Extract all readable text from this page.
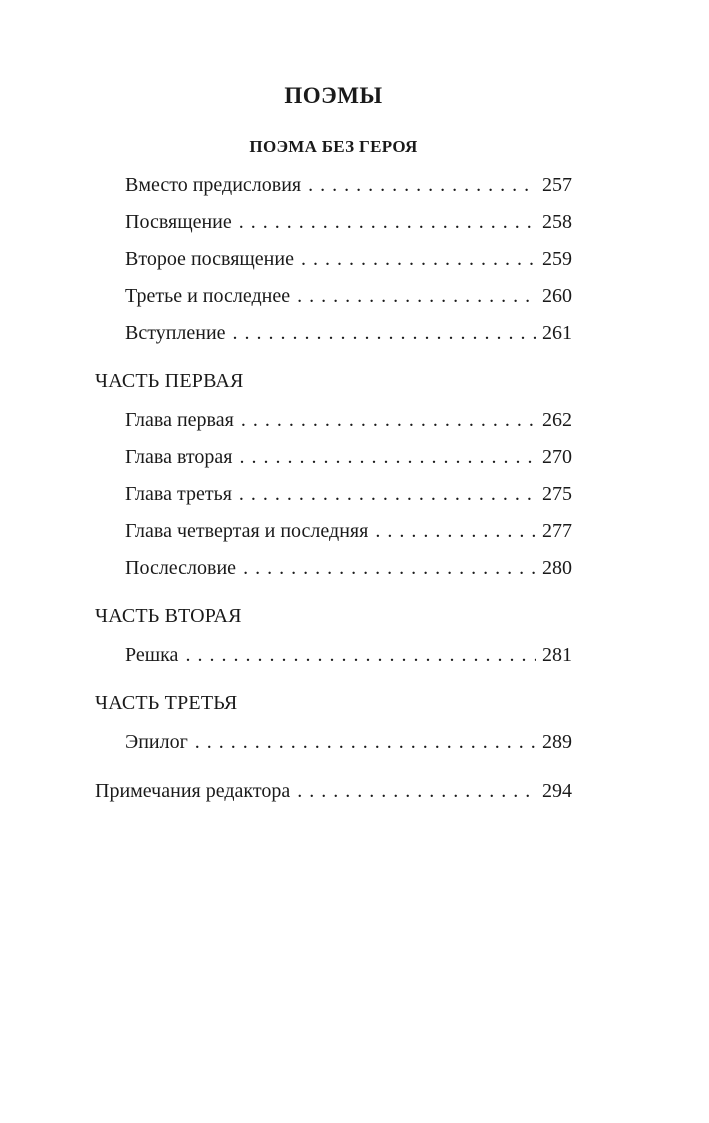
ПОЭМЫ
ПОЭМА БЕЗ ГЕРОЯ
Вместо предисловия . . .	257
Посвящение . . .	258
Второе посвящение . . .	259
Третье и последнее . . .	260
Вступление . . .	261
ЧАСТЬ ПЕРВАЯ
Глава первая . . .	262
Глава вторая . . .	270
Глава третья . . .	275
Глава четвертая и последняя . . .	277
Послесловие . . .	280
ЧАСТЬ ВТОРАЯ
Решка . . .	281
ЧАСТЬ ТРЕТЬЯ
Эпилог . . .	289
Примечания редактора . . .	294
